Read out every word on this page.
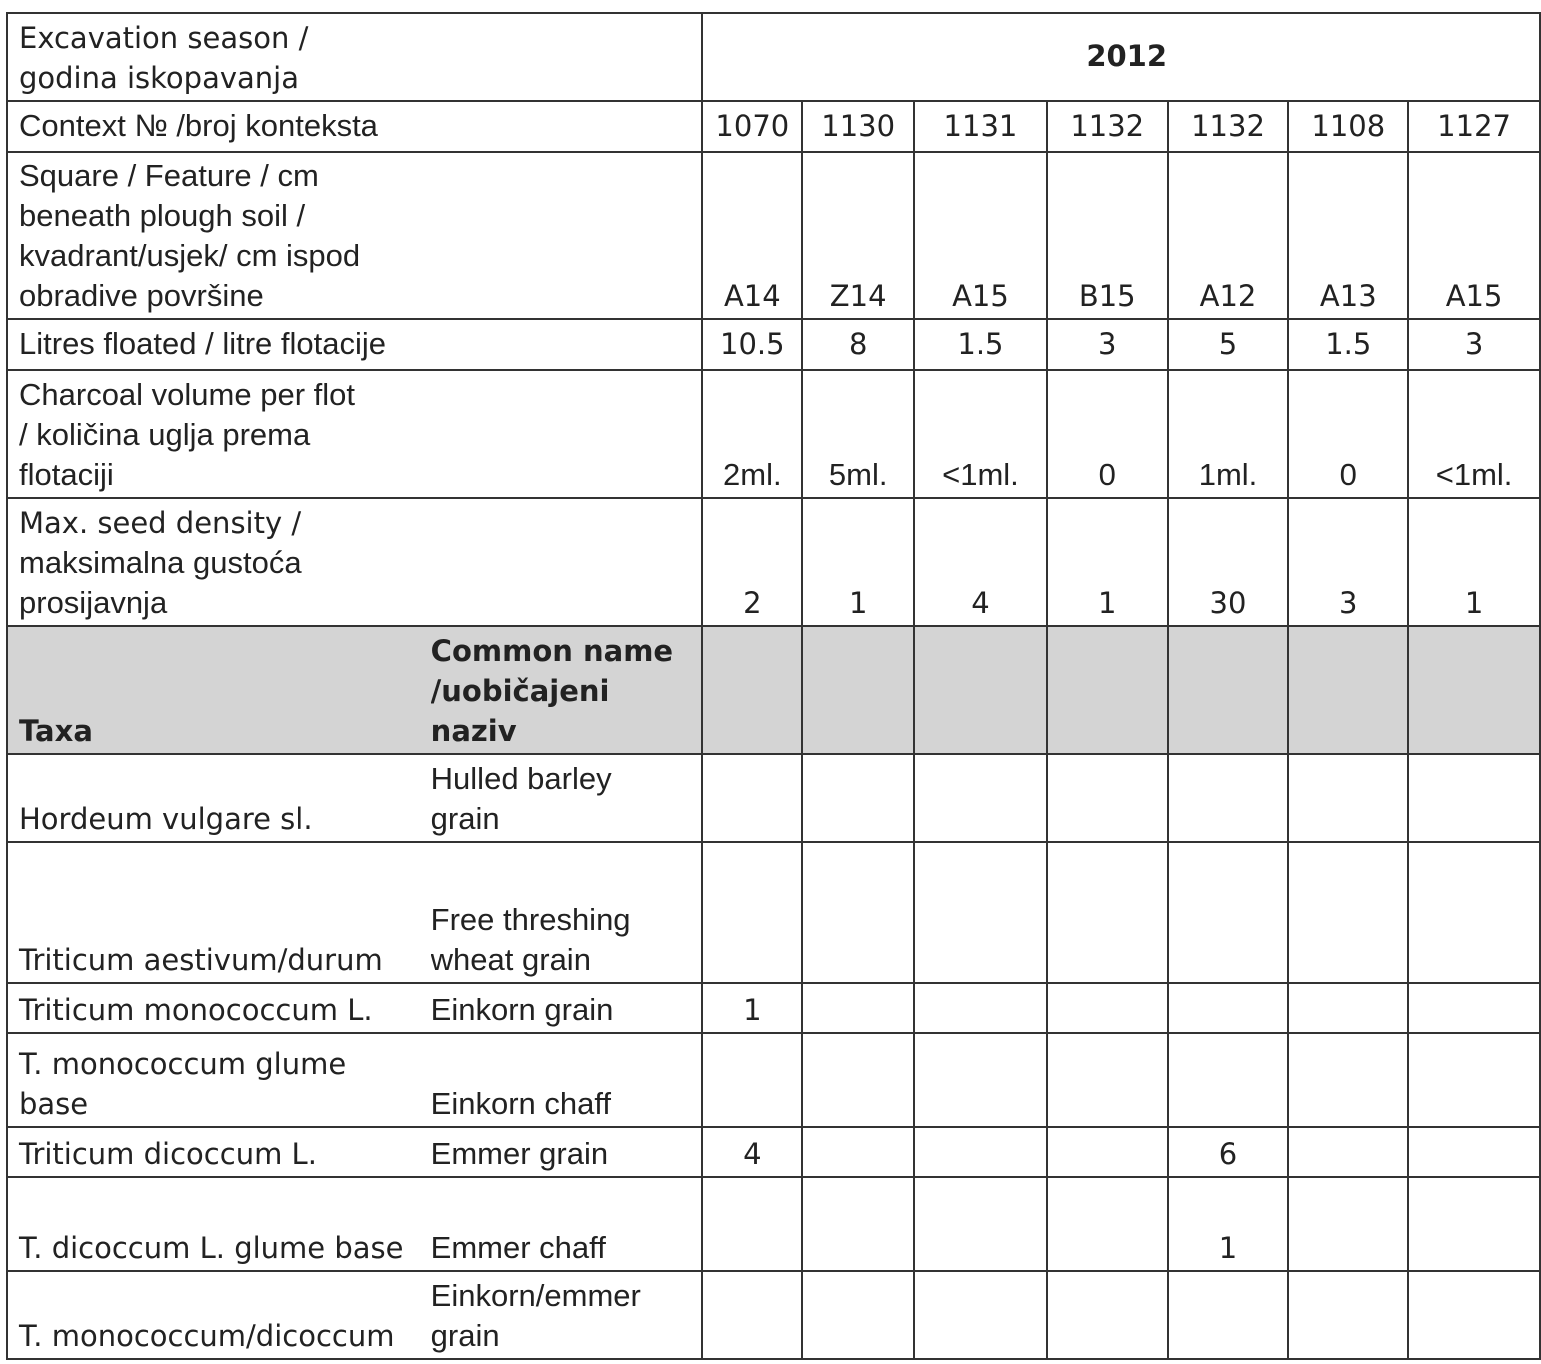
Excavation season /
godina iskopavanja		2012						
Context № /broj konteksta		1070	1130	1131	1132	1132	1108	1127

Square / Feature / cm
beneath plough soil /
kvadrant/usjek/ cm ispod
obradive površine		A14	Z14	A15	B15	A12	A13	A15
Litres floated / litre flotacije		10.5	8	1.5	3	5	1.5	3

Charcoal volume per flot
/ količina uglja prema
flotaciji		2ml.	5ml.	<1ml.	0	1ml.	0	<1ml.

Max. seed density /
maksimalna gustoća
prosijavnja		2	1	4	1	30	3	1
Taxa	Common name
/uobičajeni
naziv							

Hordeum vulgare sl.	Hulled barley
grain							

Triticum aestivum/durum	Free threshing
wheat grain							

Triticum monococcum L.	Einkorn grain	1						

T. monococcum glume
base	Einkorn chaff							
Triticum dicoccum L.	Emmer grain	4				6		
T. dicoccum L. glume base	Emmer chaff					1		
T. monococcum/dicoccum	Einkorn/emmer
grain							
